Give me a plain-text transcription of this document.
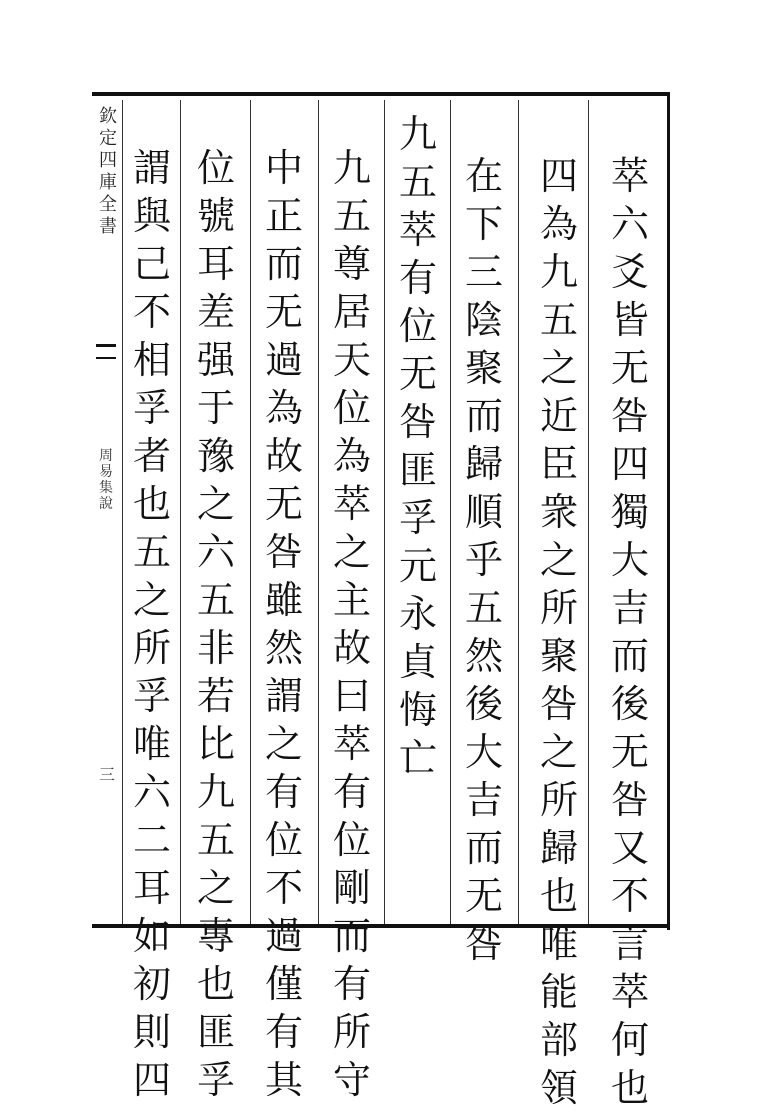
欽定四庫全書
周易集說
三
萃六爻皆无咎四獨大吉而後无咎又不言萃何也
四為九五之近臣衆之所聚咎之所歸也唯能部領
在下三陰聚而歸順乎五然後大吉而无咎
九五萃有位无咎匪孚元永貞悔亡
九五尊居天位為萃之主故曰萃有位剛而有所守
中正而无過為故无咎雖然謂之有位不過僅有其
位號耳差强于豫之六五非若比九五之專也匪孚
謂與己不相孚者也五之所孚唯六二耳如初則四
